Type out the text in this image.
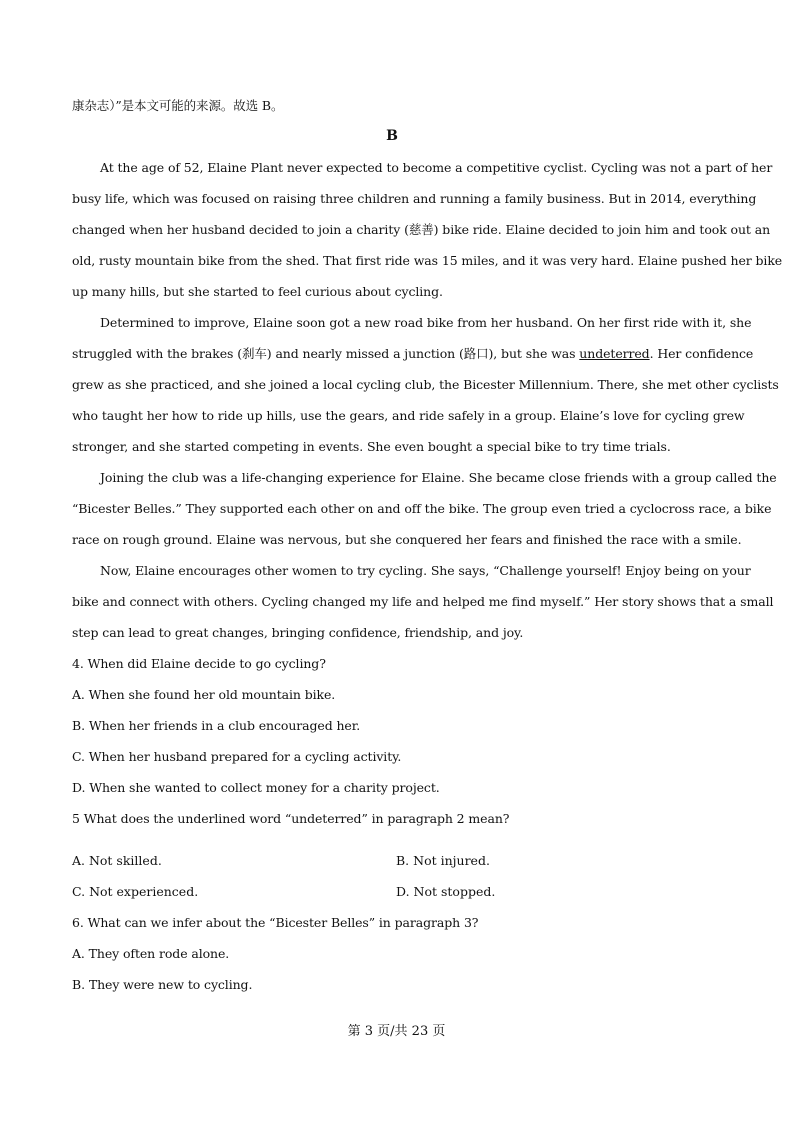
康杂志）”是本文可能的来源。故选 B。
B
At the age of 52, Elaine Plant never expected to become a competitive cyclist. Cycling was not a part of her
busy life, which was focused on raising three children and running a family business. But in 2014, everything
changed when her husband decided to join a charity (慈善) bike ride. Elaine decided to join him and took out an
old, rusty mountain bike from the shed. That first ride was 15 miles, and it was very hard. Elaine pushed her bike
up many hills, but she started to feel curious about cycling.
Determined to improve, Elaine soon got a new road bike from her husband. On her first ride with it, she
struggled with the brakes (刹车) and nearly missed a junction (路口), but she was undeterred. Her confidence
grew as she practiced, and she joined a local cycling club, the Bicester Millennium. There, she met other cyclists
who taught her how to ride up hills, use the gears, and ride safely in a group. Elaine’s love for cycling grew
stronger, and she started competing in events. She even bought a special bike to try time trials.
Joining the club was a life-changing experience for Elaine. She became close friends with a group called the
“Bicester Belles.” They supported each other on and off the bike. The group even tried a cyclocross race, a bike
race on rough ground. Elaine was nervous, but she conquered her fears and finished the race with a smile.
Now, Elaine encourages other women to try cycling. She says, “Challenge yourself! Enjoy being on your
bike and connect with others. Cycling changed my life and helped me find myself.” Her story shows that a small
step can lead to great changes, bringing confidence, friendship, and joy.
4. When did Elaine decide to go cycling?
A. When she found her old mountain bike.
B. When her friends in a club encouraged her.
C. When her husband prepared for a cycling activity.
D. When she wanted to collect money for a charity project.
5 What does the underlined word “undeterred” in paragraph 2 mean?
A. Not skilled.	B. Not injured.
C. Not experienced.	D. Not stopped.
6. What can we infer about the “Bicester Belles” in paragraph 3?
A. They often rode alone.
B. They were new to cycling.
第 3 页/共 23 页
